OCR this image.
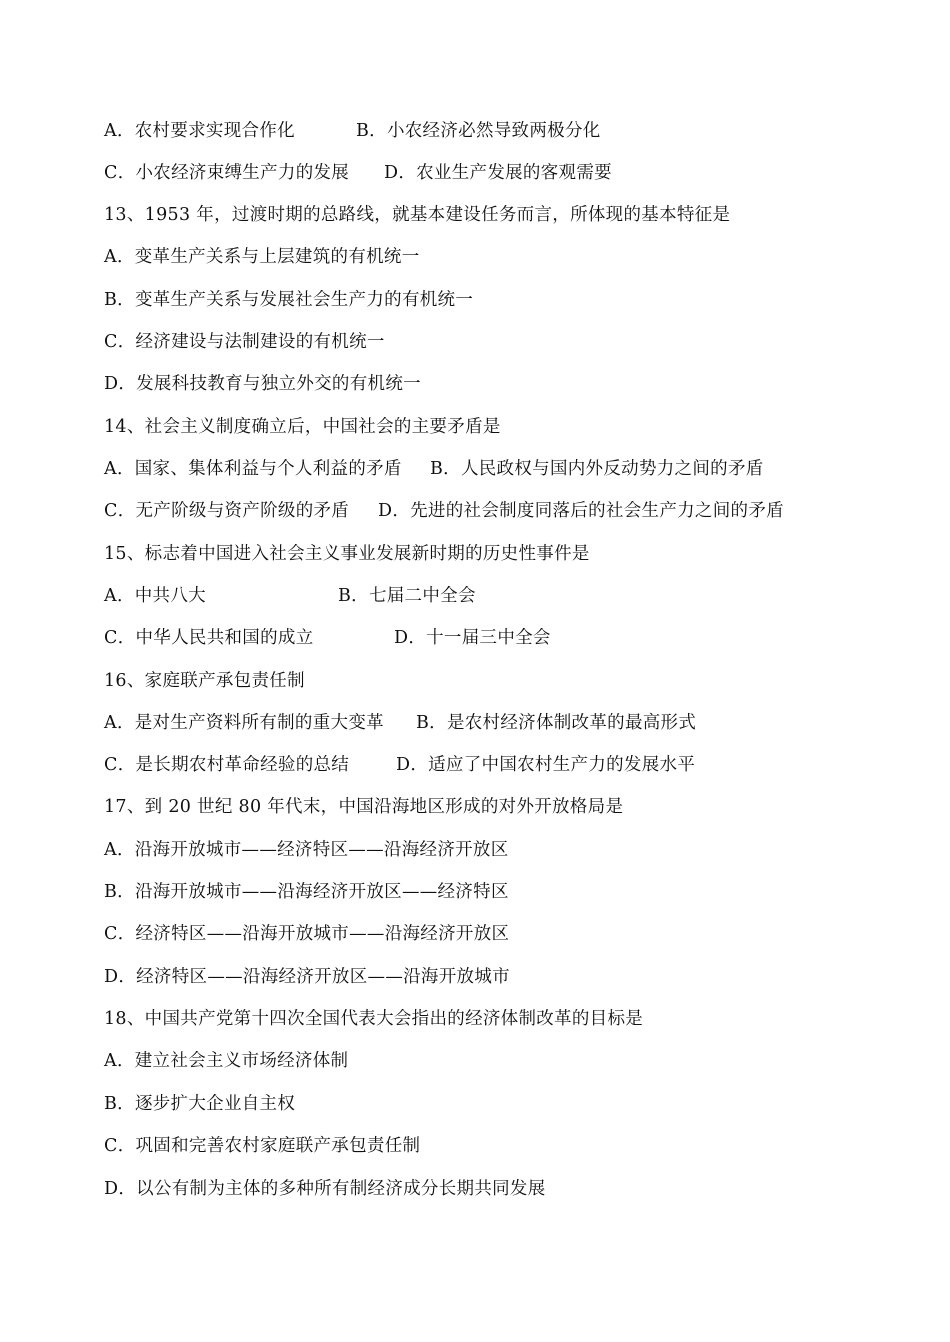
A．农村要求实现合作化	B．小农经济必然导致两极分化
C．小农经济束缚生产力的发展 D．农业生产发展的客观需要
13、1953 年，过渡时期的总路线，就基本建设任务而言，所体现的基本特征是
A．变革生产关系与上层建筑的有机统一
B．变革生产关系与发展社会生产力的有机统一
C．经济建设与法制建设的有机统一
D．发展科技教育与独立外交的有机统一
14、社会主义制度确立后，中国社会的主要矛盾是
A．国家、集体利益与个人利益的矛盾 B．人民政权与国内外反动势力之间的矛盾
C．无产阶级与资产阶级的矛盾 D．先进的社会制度同落后的社会生产力之间的矛盾
15、标志着中国进入社会主义事业发展新时期的历史性事件是
A．中共八大	B．七届二中全会
C．中华人民共和国的成立	D．十一届三中全会
16、家庭联产承包责任制
A．是对生产资料所有制的重大变革 B．是农村经济体制改革的最高形式
C．是长期农村革命经验的总结	D．适应了中国农村生产力的发展水平
17、到 20 世纪 80 年代末，中国沿海地区形成的对外开放格局是
A．沿海开放城市——经济特区——沿海经济开放区
B．沿海开放城市——沿海经济开放区——经济特区
C．经济特区——沿海开放城市——沿海经济开放区
D．经济特区——沿海经济开放区——沿海开放城市
18、中国共产党第十四次全国代表大会指出的经济体制改革的目标是
A．建立社会主义市场经济体制
B．逐步扩大企业自主权
C．巩固和完善农村家庭联产承包责任制
D．以公有制为主体的多种所有制经济成分长期共同发展
